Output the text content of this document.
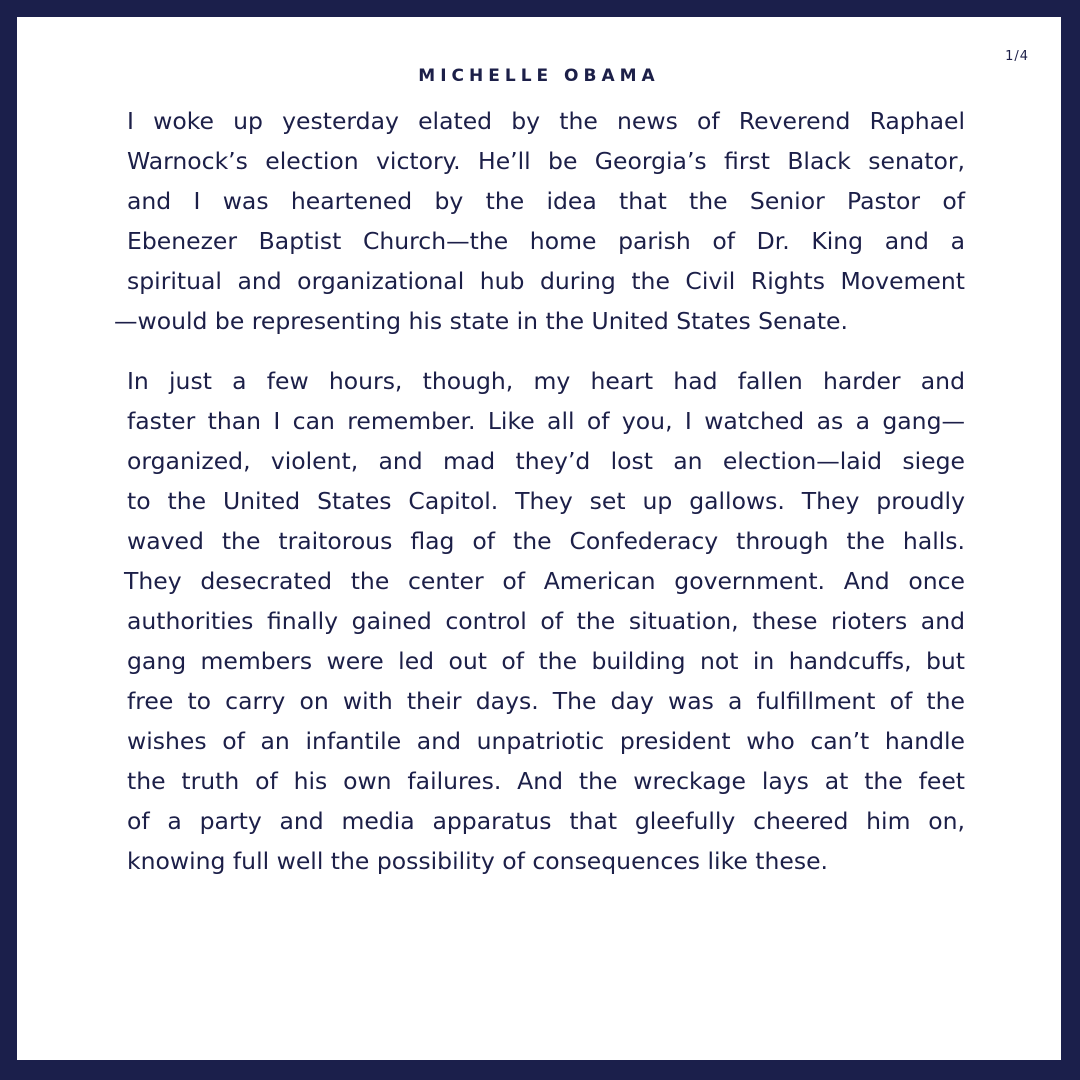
MICHELLE OBAMA
1/4

I woke up yesterday elated by the news of Reverend Raphael
Warnock’s election victory. He’ll be Georgia’s first Black senator,
and I was heartened by the idea that the Senior Pastor of
Ebenezer Baptist Church—the home parish of Dr. King and a
spiritual and organizational hub during the Civil Rights Movement
—would be representing his state in the United States Senate.

In just a few hours, though, my heart had fallen harder and
faster than I can remember. Like all of you, I watched as a gang—
organized, violent, and mad they’d lost an election—laid siege
to the United States Capitol. They set up gallows. They proudly
waved the traitorous flag of the Confederacy through the halls.
They desecrated the center of American government. And once
authorities finally gained control of the situation, these rioters and
gang members were led out of the building not in handcuffs, but
free to carry on with their days. The day was a fulfillment of the
wishes of an infantile and unpatriotic president who can’t handle
the truth of his own failures. And the wreckage lays at the feet
of a party and media apparatus that gleefully cheered him on,
knowing full well the possibility of consequences like these.
